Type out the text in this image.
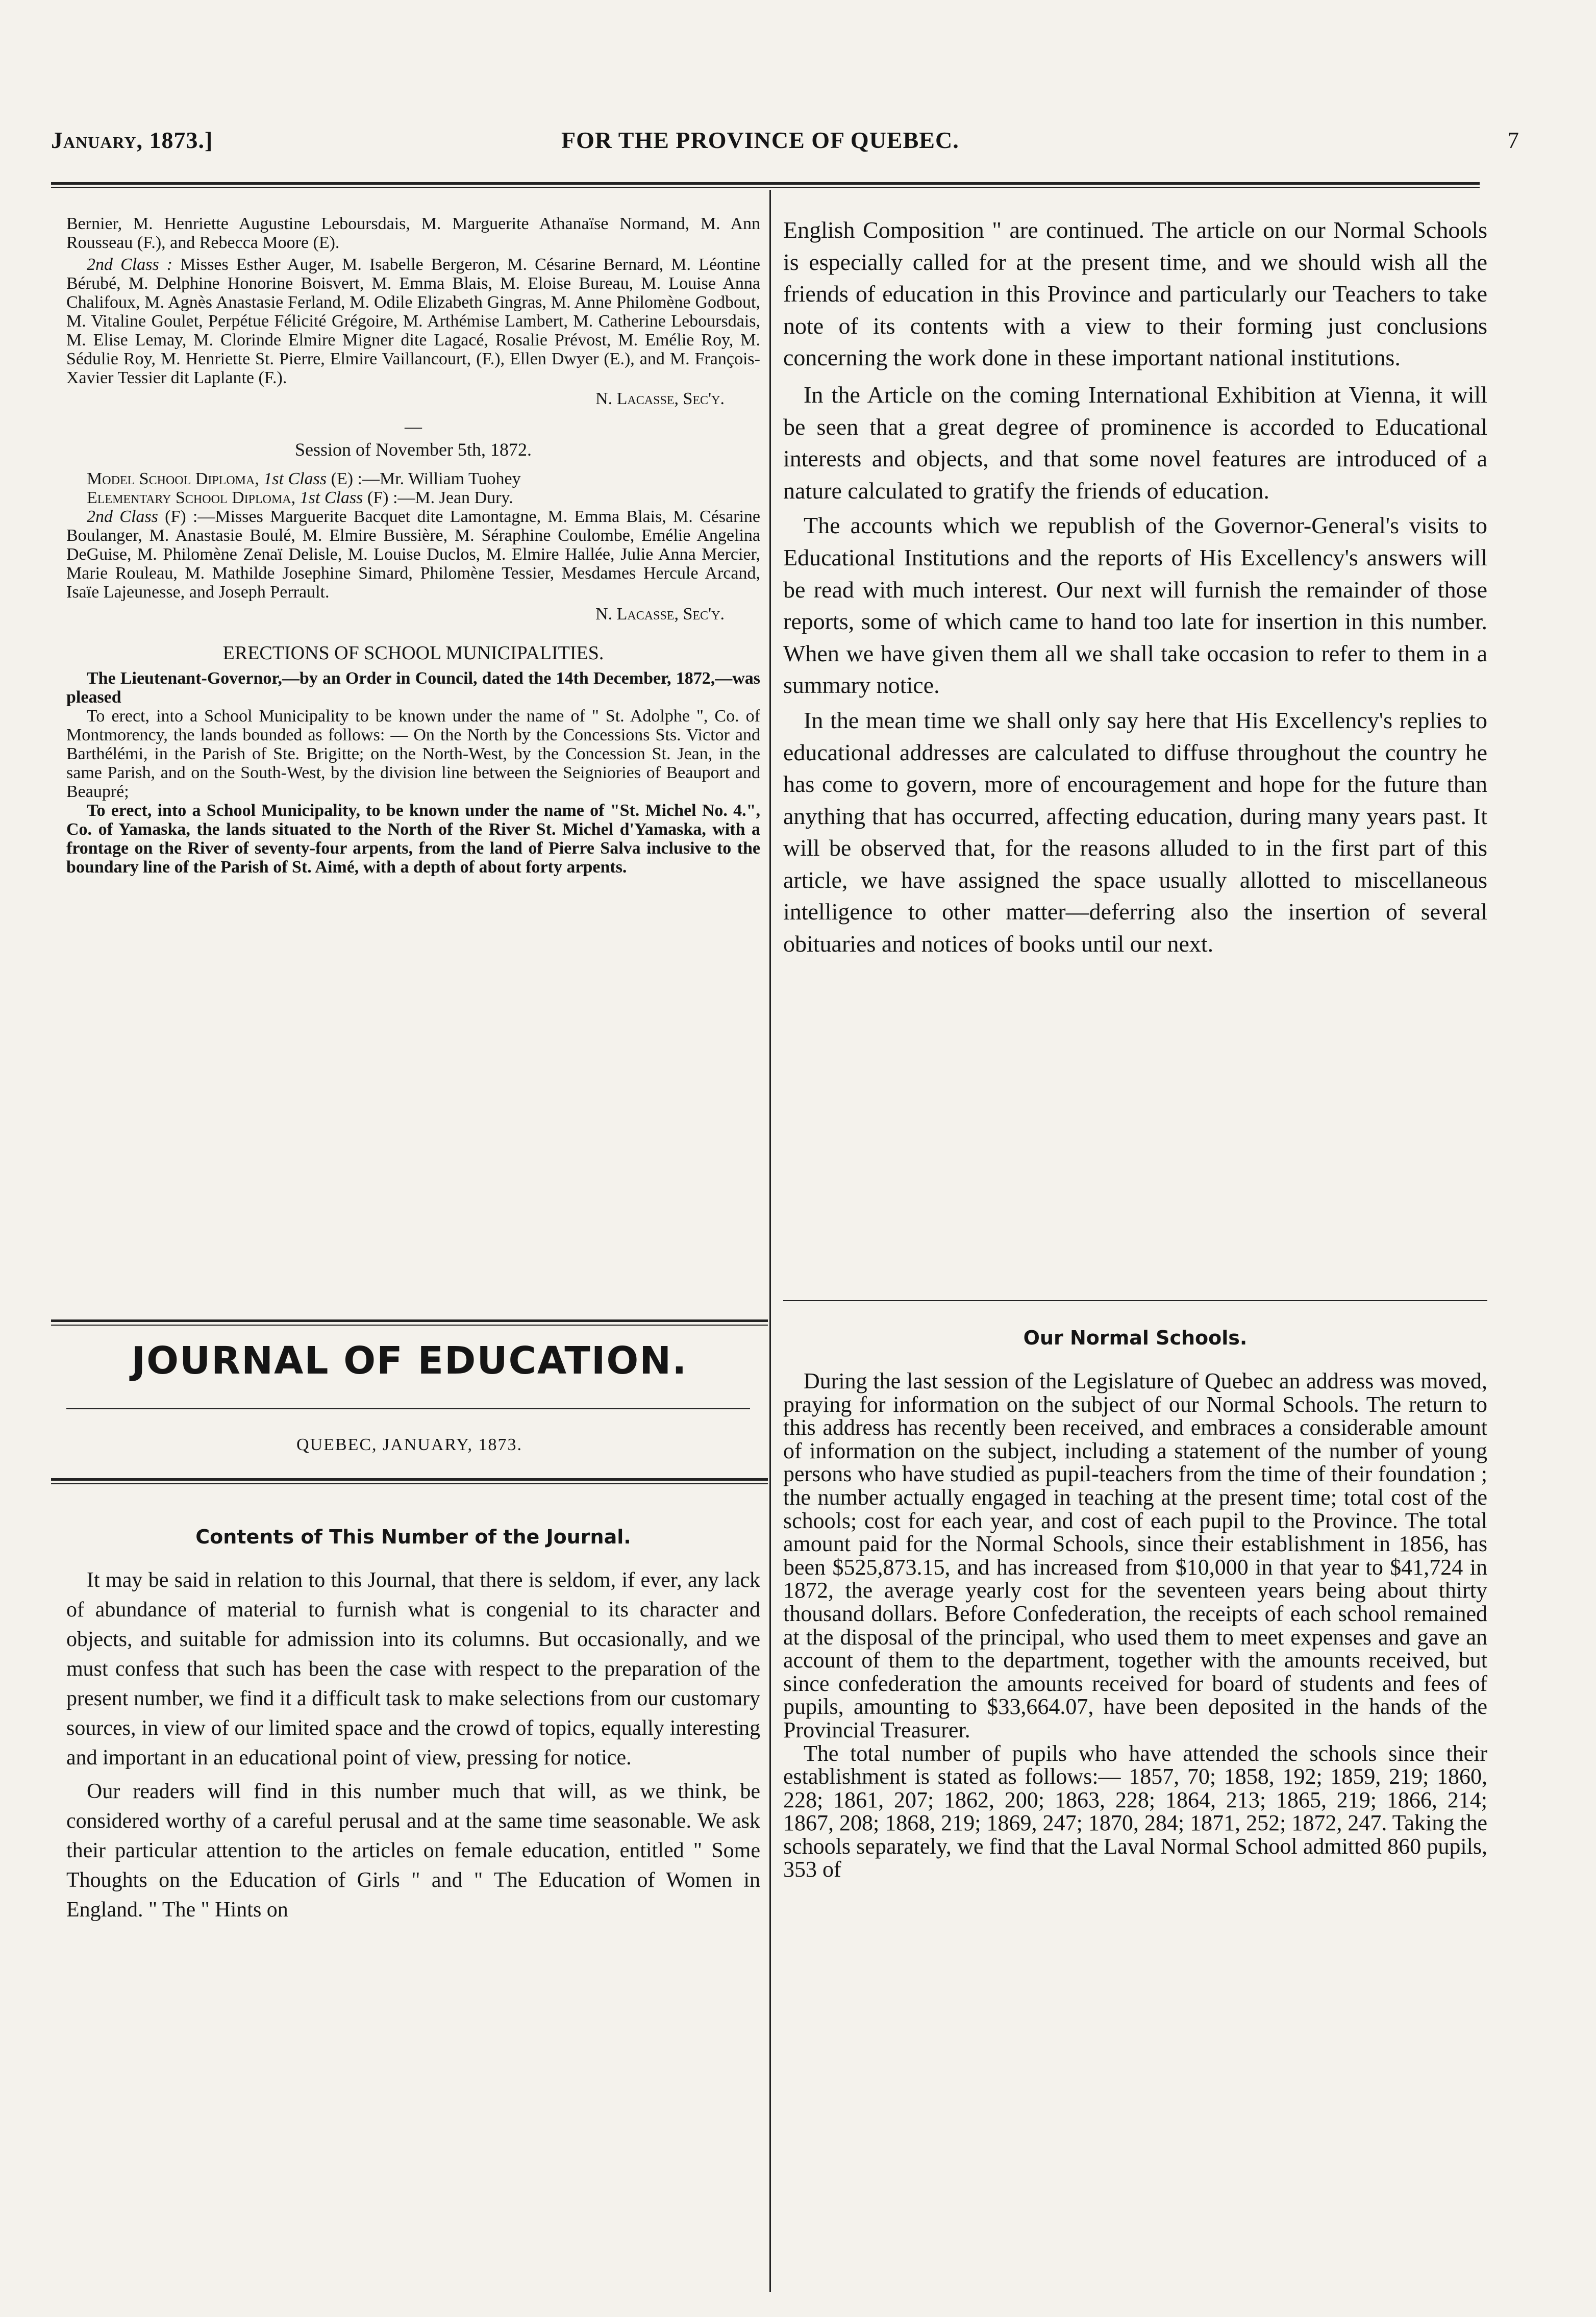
January, 1873.]	FOR THE PROVINCE OF QUEBEC.	7

Bernier, M. Henriette Augustine Leboursdais, M. Marguerite Athanaïse Normand, M. Ann Rousseau (F.), and Rebecca Moore (E).

2nd Class : Misses Esther Auger, M. Isabelle Bergeron, M. Césarine Bernard, M. Léontine Bérubé, M. Delphine Honorine Boisvert, M. Emma Blais, M. Eloise Bureau, M. Louise Anna Chalifoux, M. Agnès Anastasie Ferland, M. Odile Elizabeth Gingras, M. Anne Philomène Godbout, M. Vitaline Goulet, Perpétue Félicité Grégoire, M. Arthémise Lambert, M. Catherine Leboursdais, M. Elise Lemay, M. Clorinde Elmire Migner dite Lagacé, Rosalie Prévost, M. Emélie Roy, M. Sédulie Roy, M. Henriette St. Pierre, Elmire Vaillancourt, (F.), Ellen Dwyer (E.), and M. François-Xavier Tessier dit Laplante (F.).

N. Lacasse, Sec'y.

—

Session of November 5th, 1872.

Model School Diploma, 1st Class (E) :—Mr. William Tuohey

Elementary School Diploma, 1st Class (F) :—M. Jean Dury.

2nd Class (F) :—Misses Marguerite Bacquet dite Lamontagne, M. Emma Blais, M. Césarine Boulanger, M. Anastasie Boulé, M. Elmire Bussière, M. Séraphine Coulombe, Emélie Angelina DeGuise, M. Philomène Zenaï Delisle, M. Louise Duclos, M. Elmire Hallée, Julie Anna Mercier, Marie Rouleau, M. Mathilde Josephine Simard, Philomène Tessier, Mesdames Hercule Arcand, Isaïe Lajeunesse, and Joseph Perrault.

N. Lacasse, Sec'y.

ERECTIONS OF SCHOOL MUNICIPALITIES.

The Lieutenant-Governor,—by an Order in Council, dated the 14th December, 1872,—was pleased

To erect, into a School Municipality to be known under the name of " St. Adolphe ", Co. of Montmorency, the lands bounded as follows: — On the North by the Concessions Sts. Victor and Barthélémi, in the Parish of Ste. Brigitte; on the North-West, by the Concession St. Jean, in the same Parish, and on the South-West, by the division line between the Seigniories of Beauport and Beaupré;

To erect, into a School Municipality, to be known under the name of "St. Michel No. 4.", Co. of Yamaska, the lands situated to the North of the River St. Michel d'Yamaska, with a frontage on the River of seventy-four arpents, from the land of Pierre Salva inclusive to the boundary line of the Parish of St. Aimé, with a depth of about forty arpents.

JOURNAL OF EDUCATION.

QUEBEC, JANUARY, 1873.

Contents of This Number of the Journal.

It may be said in relation to this Journal, that there is seldom, if ever, any lack of abundance of material to furnish what is congenial to its character and objects, and suitable for admission into its columns. But occasionally, and we must confess that such has been the case with respect to the preparation of the present number, we find it a difficult task to make selections from our customary sources, in view of our limited space and the crowd of topics, equally interesting and important in an educational point of view, pressing for notice.

Our readers will find in this number much that will, as we think, be considered worthy of a careful perusal and at the same time seasonable. We ask their particular attention to the articles on female education, entitled " Some Thoughts on the Education of Girls " and " The Education of Women in England. " The " Hints on

English Composition " are continued. The article on our Normal Schools is especially called for at the present time, and we should wish all the friends of education in this Province and particularly our Teachers to take note of its contents with a view to their forming just conclusions concerning the work done in these important national institutions.

In the Article on the coming International Exhibition at Vienna, it will be seen that a great degree of prominence is accorded to Educational interests and objects, and that some novel features are introduced of a nature calculated to gratify the friends of education.

The accounts which we republish of the Governor-General's visits to Educational Institutions and the reports of His Excellency's answers will be read with much interest. Our next will furnish the remainder of those reports, some of which came to hand too late for insertion in this number. When we have given them all we shall take occasion to refer to them in a summary notice.

In the mean time we shall only say here that His Excellency's replies to educational addresses are calculated to diffuse throughout the country he has come to govern, more of encouragement and hope for the future than anything that has occurred, affecting education, during many years past. It will be observed that, for the reasons alluded to in the first part of this article, we have assigned the space usually allotted to miscellaneous intelligence to other matter—deferring also the insertion of several obituaries and notices of books until our next.

Our Normal Schools.

During the last session of the Legislature of Quebec an address was moved, praying for information on the subject of our Normal Schools. The return to this address has recently been received, and embraces a considerable amount of information on the subject, including a statement of the number of young persons who have studied as pupil-teachers from the time of their foundation ; the number actually engaged in teaching at the present time; total cost of the schools; cost for each year, and cost of each pupil to the Province. The total amount paid for the Normal Schools, since their establishment in 1856, has been $525,873.15, and has increased from $10,000 in that year to $41,724 in 1872, the average yearly cost for the seventeen years being about thirty thousand dollars. Before Confederation, the receipts of each school remained at the disposal of the principal, who used them to meet expenses and gave an account of them to the department, together with the amounts received, but since confederation the amounts received for board of students and fees of pupils, amounting to $33,664.07, have been deposited in the hands of the Provincial Treasurer.

The total number of pupils who have attended the schools since their establishment is stated as follows:— 1857, 70; 1858, 192; 1859, 219; 1860, 228; 1861, 207; 1862, 200; 1863, 228; 1864, 213; 1865, 219; 1866, 214; 1867, 208; 1868, 219; 1869, 247; 1870, 284; 1871, 252; 1872, 247. Taking the schools separately, we find that the Laval Normal School admitted 860 pupils, 353 of
